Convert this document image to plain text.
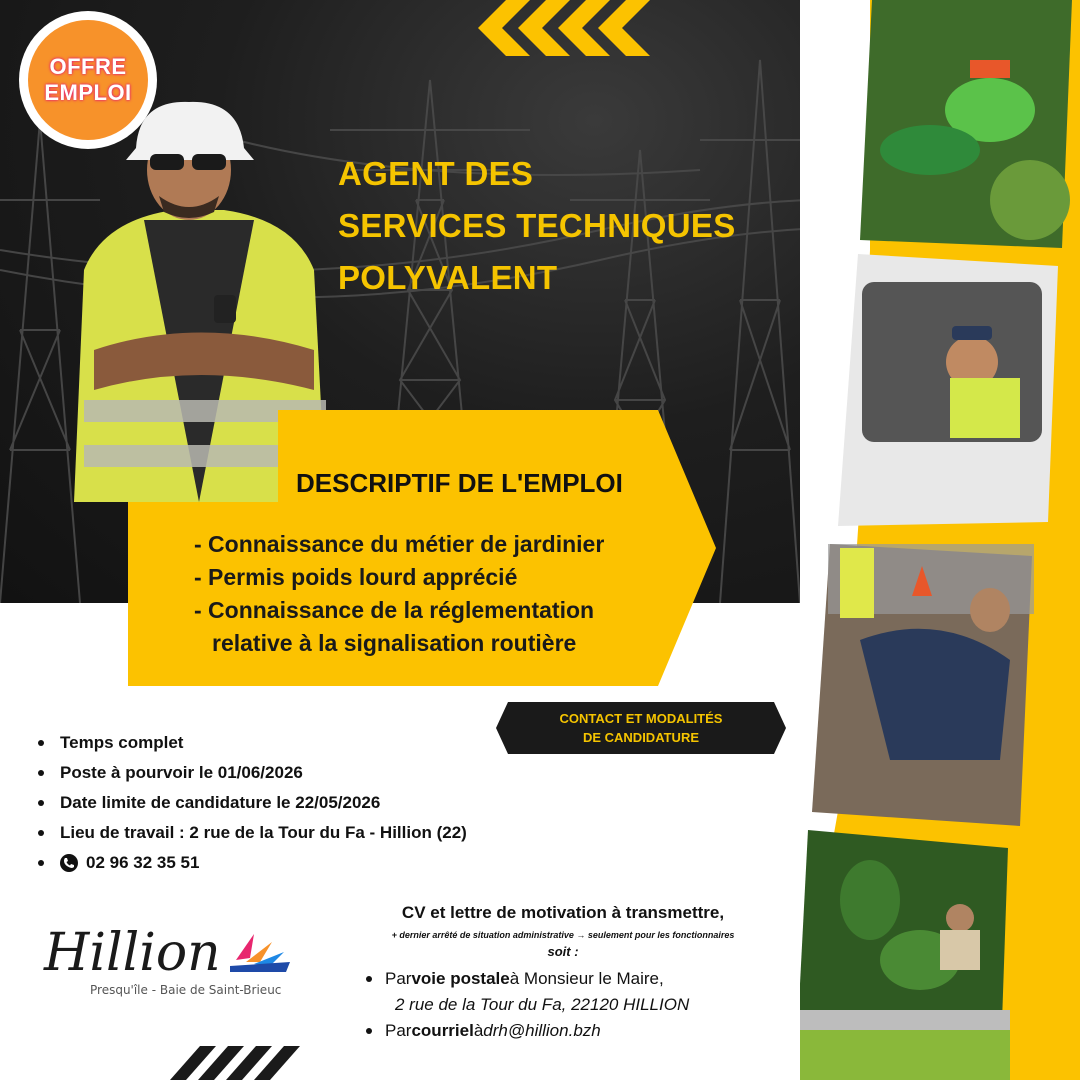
OFFRE
EMPLOI
AGENT DES
SERVICES TECHNIQUES
POLYVALENT
DESCRIPTIF DE L'EMPLOI
- Connaissance du métier de jardinier
- Permis poids lourd apprécié
- Connaissance de la réglementation
relative à la signalisation routière
CONTACT ET MODALITÉS
DE CANDIDATURE
Temps complet
Poste à pourvoir le 01/06/2026
Date limite de candidature le 22/05/2026
Lieu de travail : 2 rue de la Tour du Fa - Hillion (22)
02 96 32 35 51
Hillion
Presqu'île - Baie de Saint-Brieuc
CV et lettre de motivation à transmettre,
+ dernier arrêté de situation administrative → seulement pour les fonctionnaires
soit :
Par voie postale à Monsieur le Maire,
2 rue de la Tour du Fa, 22120 HILLION
Par courriel à drh@hillion.bzh
